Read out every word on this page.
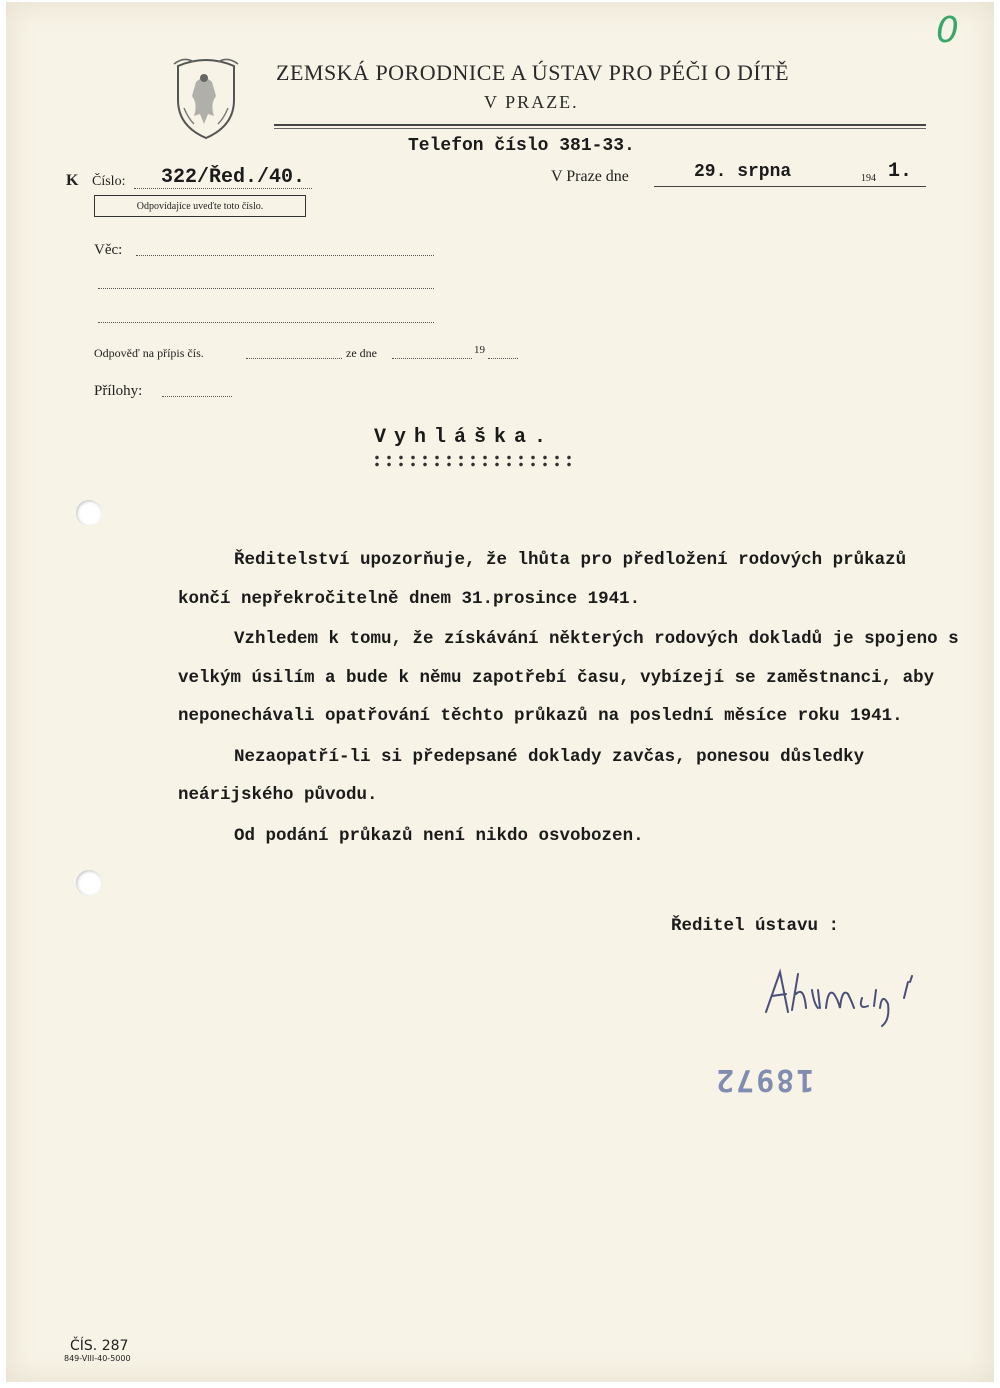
0
ZEMSKÁ PORODNICE A ÚSTAV PRO PÉČI O DÍTĚ
V PRAZE.
Telefon číslo 381-33.
K Číslo: 322/Řed./40.
Odpovídajíce uveďte toto číslo.
V Praze dne	29. srpna	194 1.
Věc:
Odpověď na přípis čís.	ze dne	19
Přílohy:
Vyhláška.

Ředitelství upozorňuje, že lhůta pro předložení rodových průkazů končí nepřekročitelně dnem 31.prosince 1941.

Vzhledem k tomu, že získávání některých rodových dokladů je spojeno s velkým úsilím a bude k němu zapotřebí času, vybízejí se zaměstnanci, aby neponechávali opatřování těchto průkazů na poslední měsíce roku 1941.

Nezaopatří-li si předepsané doklady zavčas, ponesou důsledky neárijského původu.

Od podání průkazů není nikdo osvobozen.

Ředitel ústavu :
18972
ČÍS. 287
849-VIII-40-5000
